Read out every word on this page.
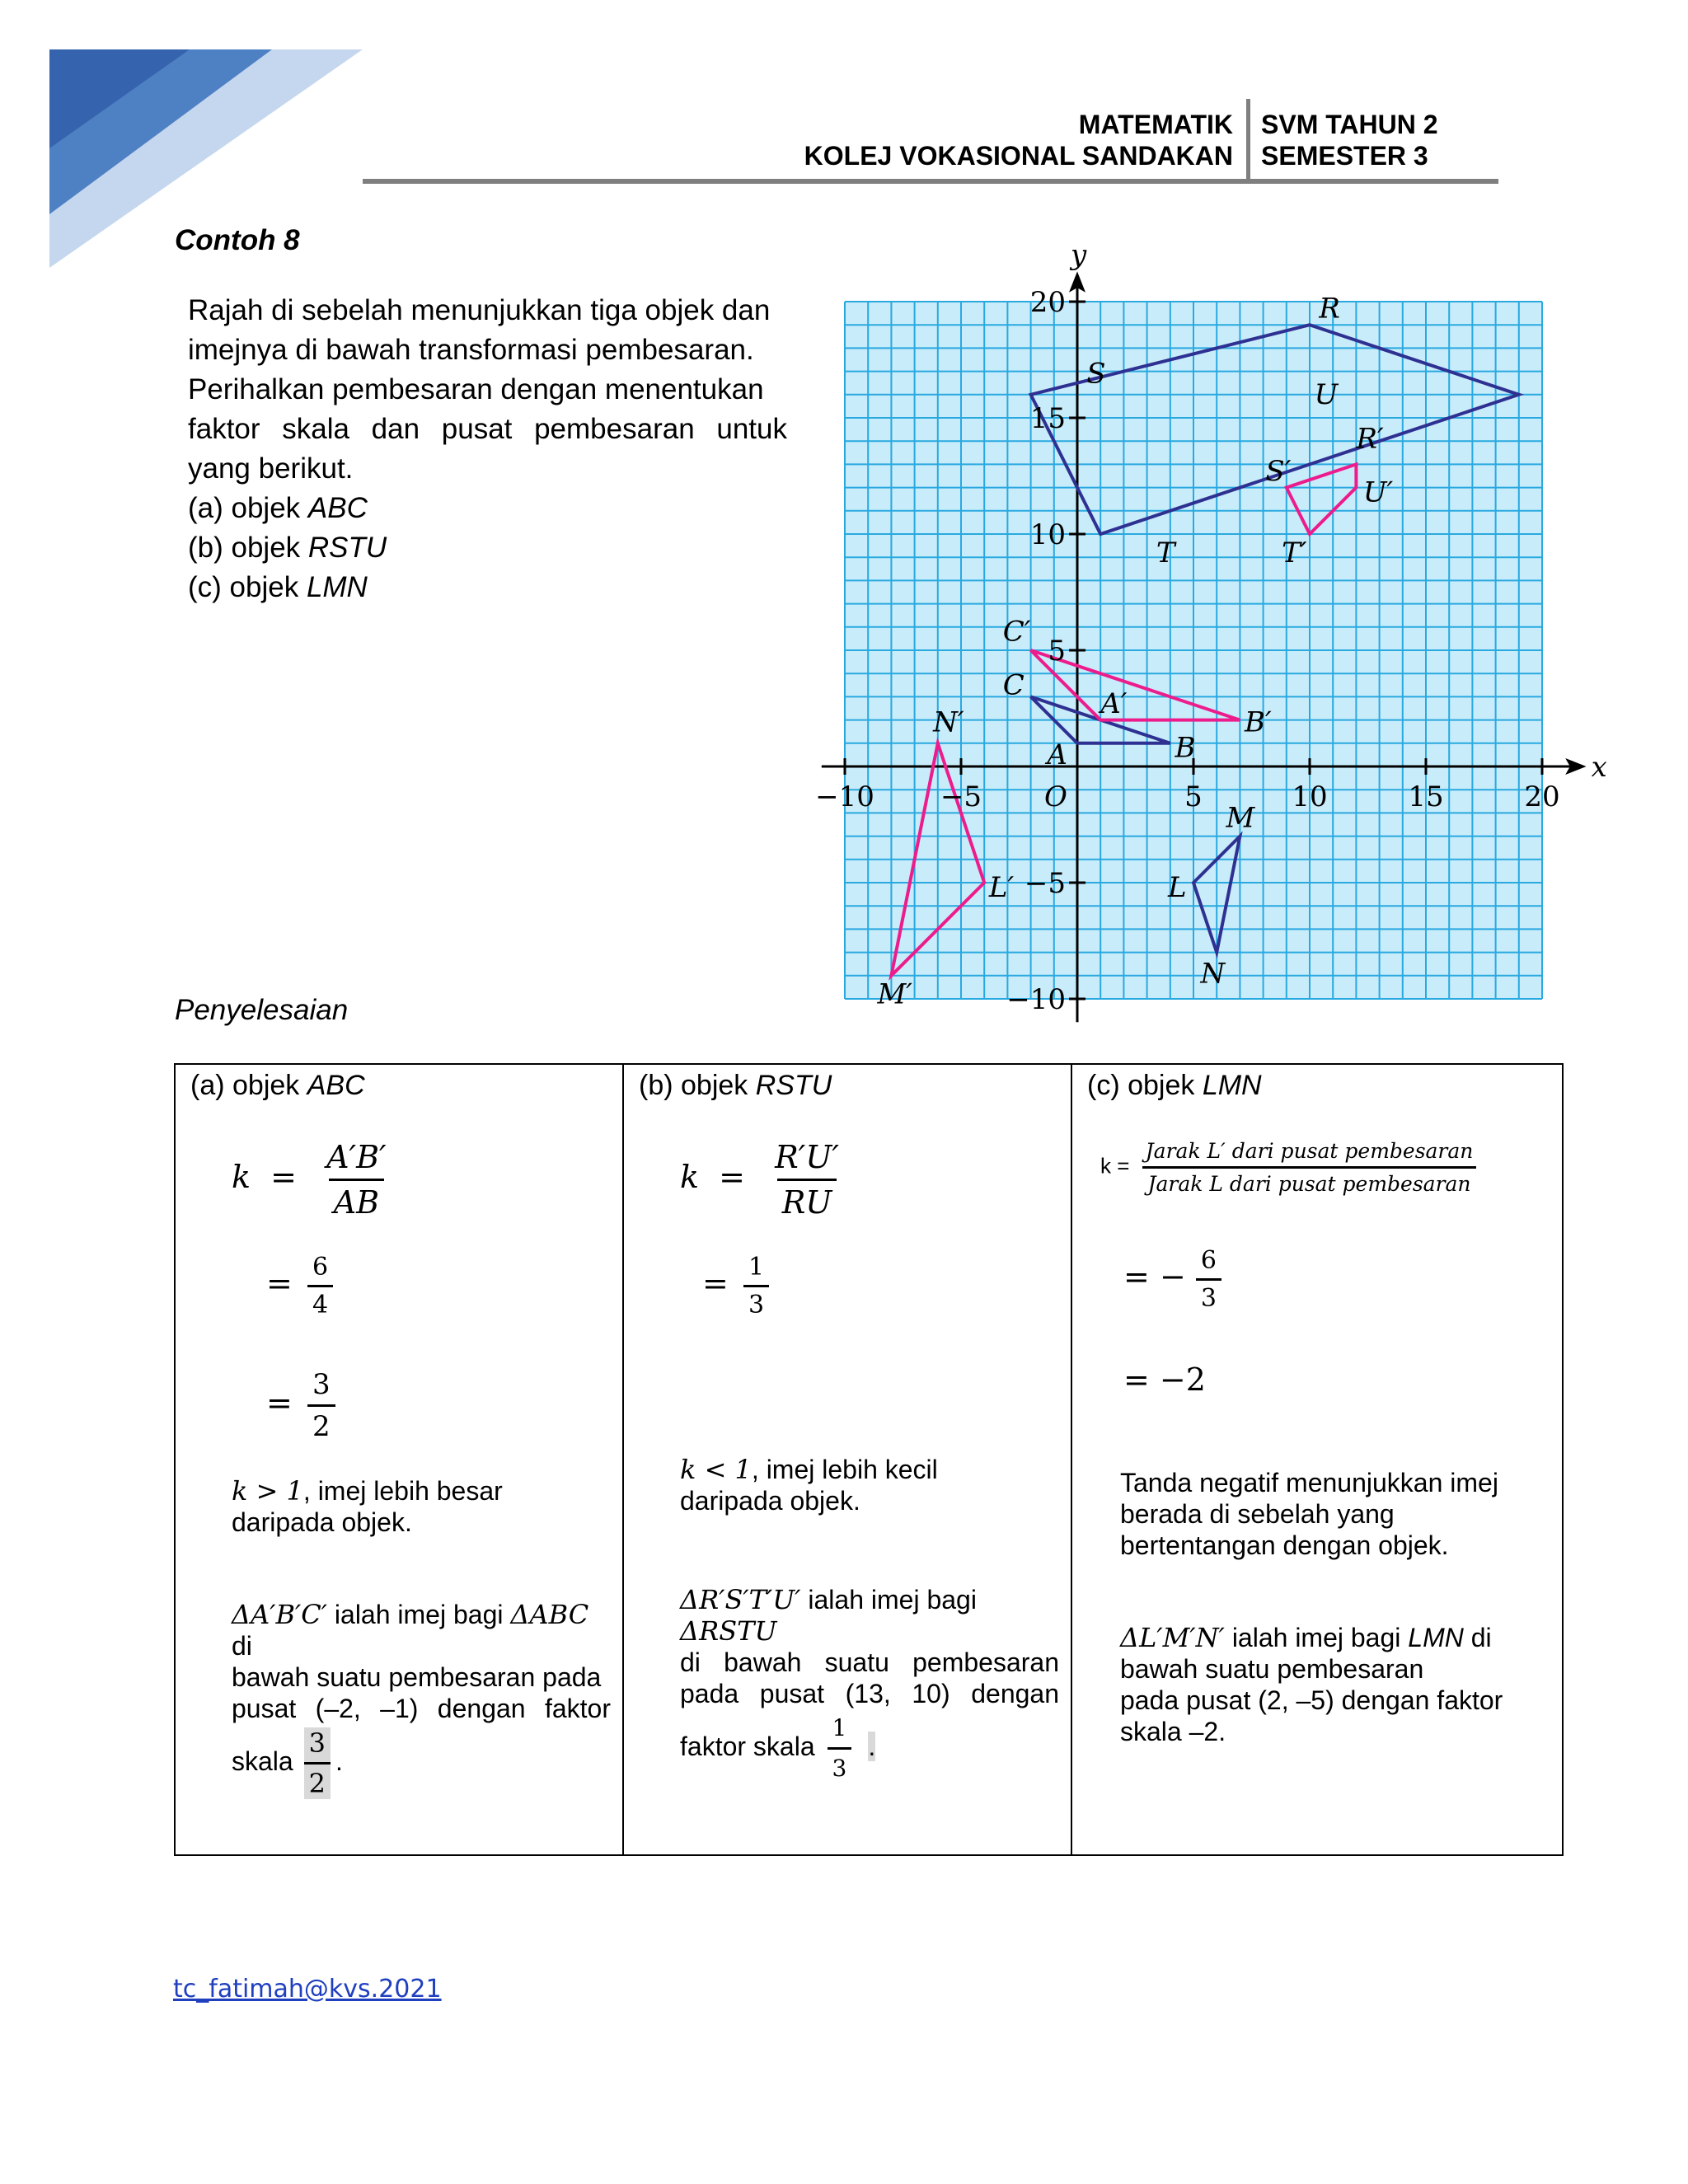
MATEMATIK
KOLEJ VOKASIONAL SANDAKAN
SVM TAHUN 2
SEMESTER 3
Contoh 8
Rajah di sebelah menunjukkan tiga objek dan
imejnya di bawah transformasi pembesaran.
Perihalkan pembesaran dengan menentukan
faktor skala dan pusat pembesaran untuk
yang berikut.
(a) objek ABC
(b) objek RSTU
(c) objek LMN
−10 −5	5	10	15	20
20
15
10
5
−5
−10
x
y
O
R
S
U
T
R′
S′
U′
T′
C′
C
A′
B′
B
A
N′
L′
M′
M
L
N
Penyelesaian
(a) objek ABC
$k = \frac{A'B'}{AB}$
= $\frac{6}{4}$
= $\frac{3}{2}$
k > 1, imej lebih besar
daripada objek.
ΔA′B′C′ ialah imej bagi ΔABC di
bawah suatu pembesaran pada
pusat (–2, –1) dengan faktor
skala $\frac{3}{2}$ .
(b) objek RSTU
$k = \frac{R'U'}{RU}$
= $\frac{1}{3}$
k < 1, imej lebih kecil
daripada objek.
ΔR′S′T′U′ ialah imej bagi ΔRSTU
di bawah suatu pembesaran
pada pusat (13, 10) dengan
faktor skala $\frac{1}{3}$ .
(c) objek LMN
$k = \frac{\text{Jarak L′ dari pusat pembesaran}}{\text{Jarak L dari pusat pembesaran}}$
= − $\frac{6}{3}$
= −2
Tanda negatif menunjukkan imej
berada di sebelah yang
bertentangan dengan objek.
ΔL′M′N′ ialah imej bagi LMN di
bawah suatu pembesaran
pada pusat (2, –5) dengan faktor
skala –2.
tc_fatimah@kvs.2021
